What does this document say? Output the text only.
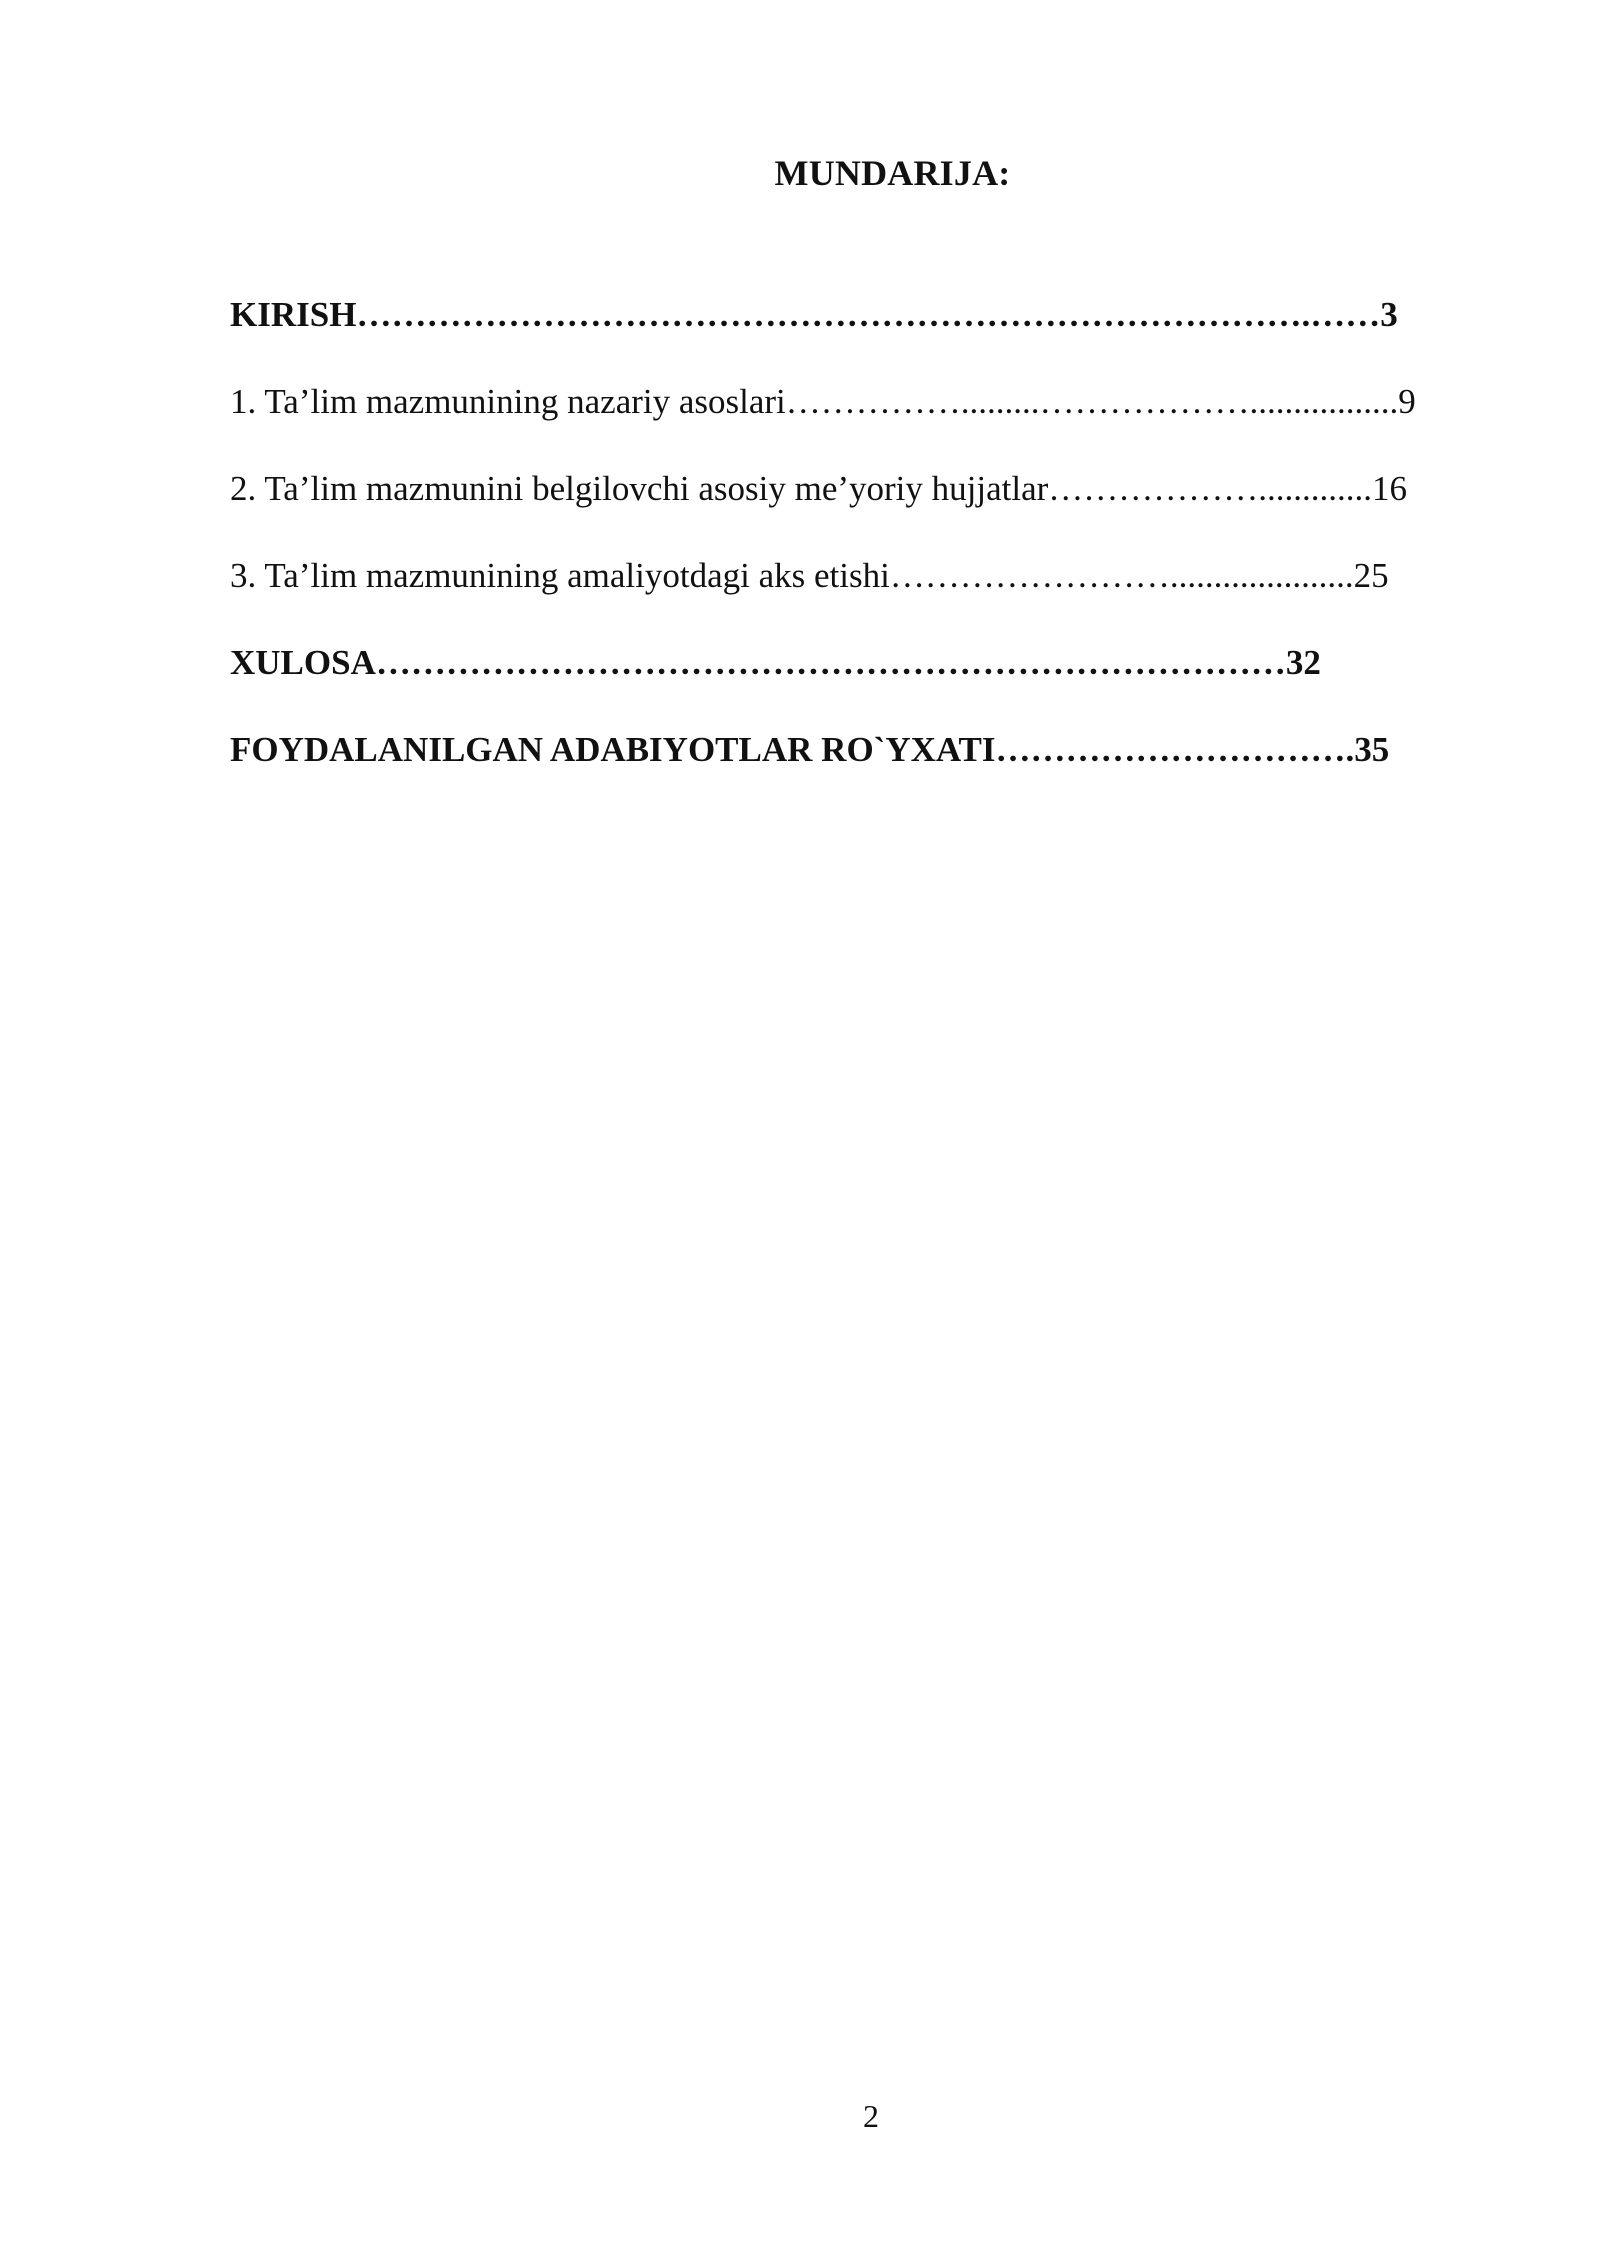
MUNDARIJA:
KIRISH……………………………………………………………………….……3
1. Ta’lim mazmunining nazariy asoslari…………….........……………….................9
2. Ta’lim mazmunini belgilovchi asosiy me’yoriy hujjatlar……………….............16
3. Ta’lim mazmunining amaliyotdagi aks etishi…………………….....................25
XULOSA……………………………………………………………………32
FOYDALANILGAN ADABIYOTLAR RO`YXATI………………………….35
2
